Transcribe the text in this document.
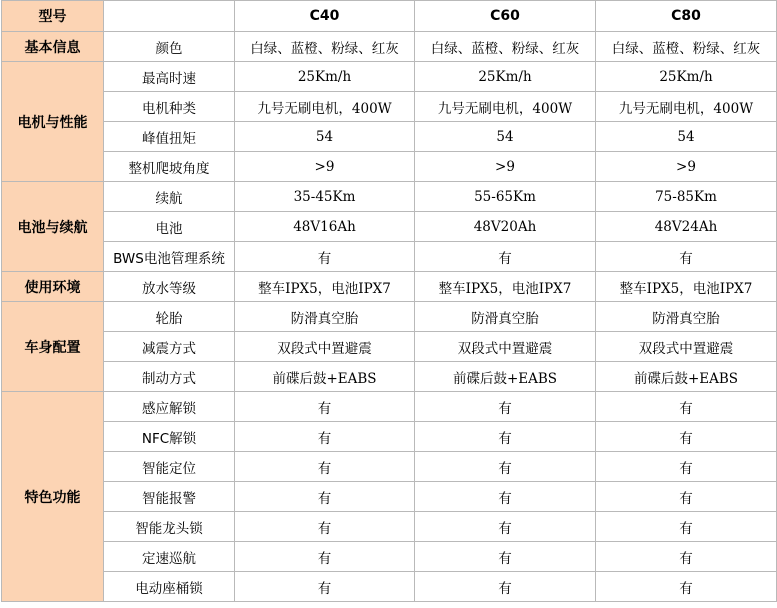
型号		C40	C60	C80
基本信息	颜色	白绿、蓝橙、粉绿、红灰	白绿、蓝橙、粉绿、红灰	白绿、蓝橙、粉绿、红灰
电机与性能	最高时速	25Km/h	25Km/h	25Km/h
	电机种类	九号无刷电机，400W	九号无刷电机，400W	九号无刷电机，400W
	峰值扭矩	54	54	54
	整机爬坡角度	>9	>9	>9
电池与续航	续航	35-45Km	55-65Km	75-85Km
	电池	48V16Ah	48V20Ah	48V24Ah
	BWS电池管理系统	有	有	有
使用环境	放水等级	整车IPX5，电池IPX7	整车IPX5，电池IPX7	整车IPX5，电池IPX7
车身配置	轮胎	防滑真空胎	防滑真空胎	防滑真空胎
	减震方式	双段式中置避震	双段式中置避震	双段式中置避震
	制动方式	前碟后鼓+EABS	前碟后鼓+EABS	前碟后鼓+EABS
特色功能	感应解锁	有	有	有
	NFC解锁	有	有	有
	智能定位	有	有	有
	智能报警	有	有	有
	智能龙头锁	有	有	有
	定速巡航	有	有	有
	电动座桶锁	有	有	有
